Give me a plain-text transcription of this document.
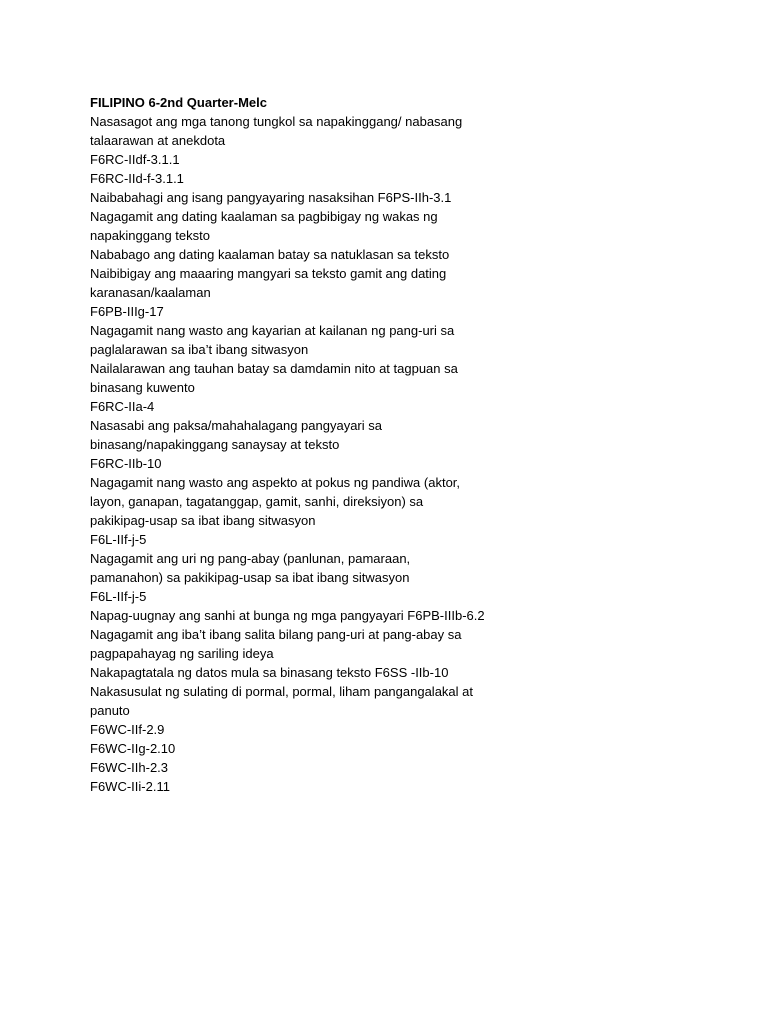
FILIPINO 6-2nd Quarter-Melc
Nasasagot ang mga tanong tungkol sa napakinggang/ nabasang
talaarawan at anekdota
F6RC-IIdf-3.1.1
F6RC-IId-f-3.1.1
Naibabahagi ang isang pangyayaring nasaksihan F6PS-IIh-3.1
Nagagamit ang dating kaalaman sa pagbibigay ng wakas ng
napakinggang teksto
Nababago ang dating kaalaman batay sa natuklasan sa teksto
Naibibigay ang maaaring mangyari sa teksto gamit ang dating
karanasan/kaalaman
F6PB-IIIg-17
Nagagamit nang wasto ang kayarian at kailanan ng pang-uri sa
paglalarawan sa iba’t ibang sitwasyon
Nailalarawan ang tauhan batay sa damdamin nito at tagpuan sa
binasang kuwento
F6RC-IIa-4
Nasasabi ang paksa/mahahalagang pangyayari sa
binasang/napakinggang sanaysay at teksto
F6RC-IIb-10
Nagagamit nang wasto ang aspekto at pokus ng pandiwa (aktor,
layon, ganapan, tagatanggap, gamit, sanhi, direksiyon) sa
pakikipag-usap sa ibat ibang sitwasyon
F6L-IIf-j-5
Nagagamit ang uri ng pang-abay (panlunan, pamaraan,
pamanahon) sa pakikipag-usap sa ibat ibang sitwasyon
F6L-IIf-j-5
Napag-uugnay ang sanhi at bunga ng mga pangyayari F6PB-IIIb-6.2
Nagagamit ang iba’t ibang salita bilang pang-uri at pang-abay sa
pagpapahayag ng sariling ideya
Nakapagtatala ng datos mula sa binasang teksto F6SS -IIb-10
Nakasusulat ng sulating di pormal, pormal, liham pangangalakal at
panuto
F6WC-IIf-2.9
F6WC-IIg-2.10
F6WC-IIh-2.3
F6WC-IIi-2.11
